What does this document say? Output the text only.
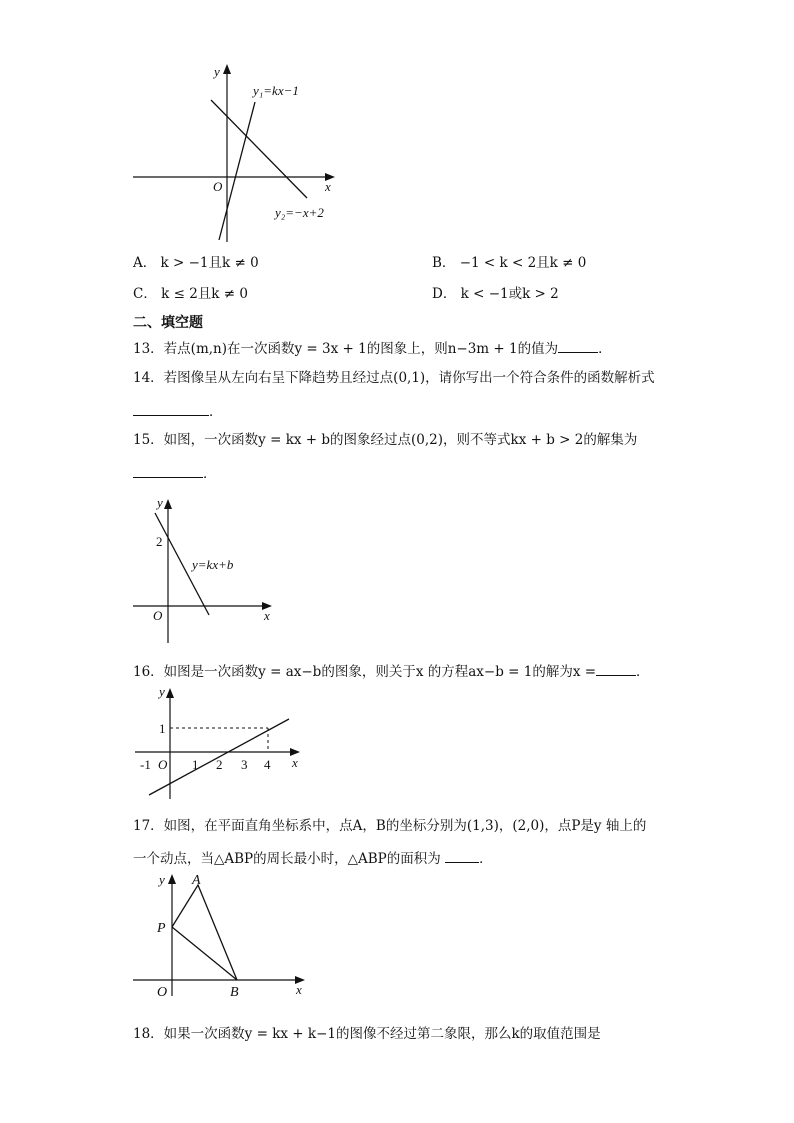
x
y
O
y₁=kx−1
y₂=−x+2
A． k > −1且k ≠ 0	B． −1 < k < 2且k ≠ 0
C． k ≤ 2且k ≠ 0	D． k < −1或k > 2
二、填空题
13．若点(m,n)在一次函数y = 3x + 1的图象上，则n−3m + 1的值为	．
14．若图像呈从左向右呈下降趋势且经过点(0,1)，请你写出一个符合条件的函数解析式
．
15．如图，一次函数y = kx + b的图象经过点(0,2)，则不等式kx + b > 2的解集为
．
x
y
O
2
y=kx+b
16．如图是一次函数y = ax−b的图象，则关于x 的方程ax−b = 1的解为x =	．
x
y
O
1
-1	1 2 3 4
17．如图，在平面直角坐标系中，点A，B的坐标分别为(1,3)，(2,0)，点P是y 轴上的
一个动点，当△ABP的周长最小时，△ABP的面积为	．
x
y
O
A
B
P
18．如果一次函数y = kx + k−1的图像不经过第二象限，那么k的取值范围是
